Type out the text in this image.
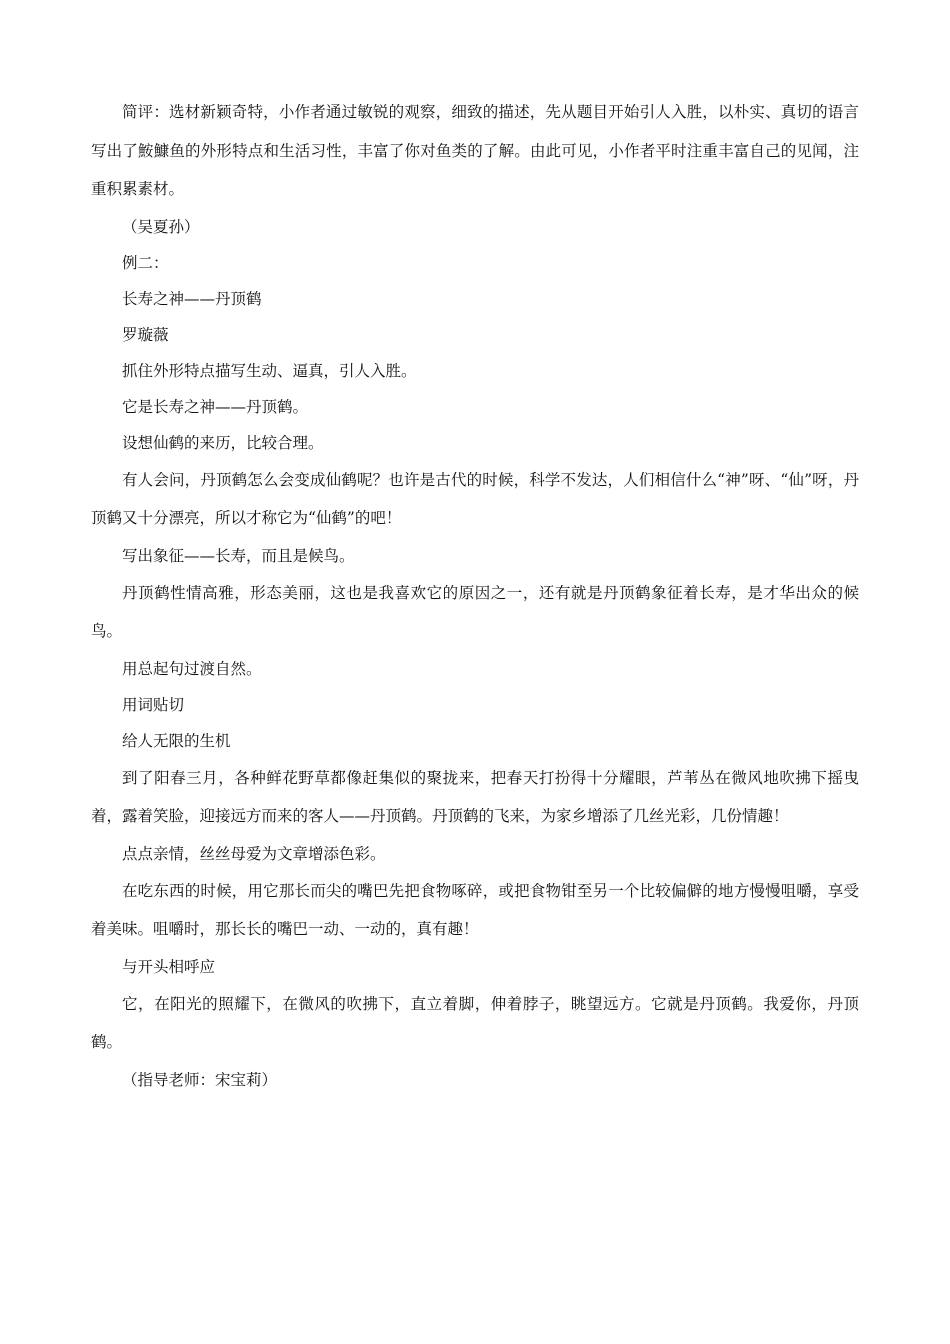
简评：选材新颖奇特，小作者通过敏锐的观察，细致的描述，先从题目开始引人入胜，以朴实、真切的语言写出了鮟鱇鱼的外形特点和生活习性，丰富了你对鱼类的了解。由此可见，小作者平时注重丰富自己的见闻，注重积累素材。

（吴夏孙）

例二：

长寿之神——丹顶鹤

罗璇薇

抓住外形特点描写生动、逼真，引人入胜。

它是长寿之神——丹顶鹤。

设想仙鹤的来历，比较合理。

有人会问，丹顶鹤怎么会变成仙鹤呢？也许是古代的时候，科学不发达，人们相信什么“神”呀、“仙”呀，丹顶鹤又十分漂亮，所以才称它为“仙鹤”的吧！

写出象征——长寿，而且是候鸟。

丹顶鹤性情高雅，形态美丽，这也是我喜欢它的原因之一，还有就是丹顶鹤象征着长寿，是才华出众的候鸟。

用总起句过渡自然。

用词贴切

给人无限的生机

到了阳春三月，各种鲜花野草都像赶集似的聚拢来，把春天打扮得十分耀眼，芦苇丛在微风地吹拂下摇曳着，露着笑脸，迎接远方而来的客人——丹顶鹤。丹顶鹤的飞来，为家乡增添了几丝光彩，几份情趣！

点点亲情，丝丝母爱为文章增添色彩。

在吃东西的时候，用它那长而尖的嘴巴先把食物啄碎，或把食物钳至另一个比较偏僻的地方慢慢咀嚼，享受着美味。咀嚼时，那长长的嘴巴一动、一动的，真有趣！

与开头相呼应

它，在阳光的照耀下，在微风的吹拂下，直立着脚，伸着脖子，眺望远方。它就是丹顶鹤。我爱你，丹顶鹤。

（指导老师：宋宝莉）
